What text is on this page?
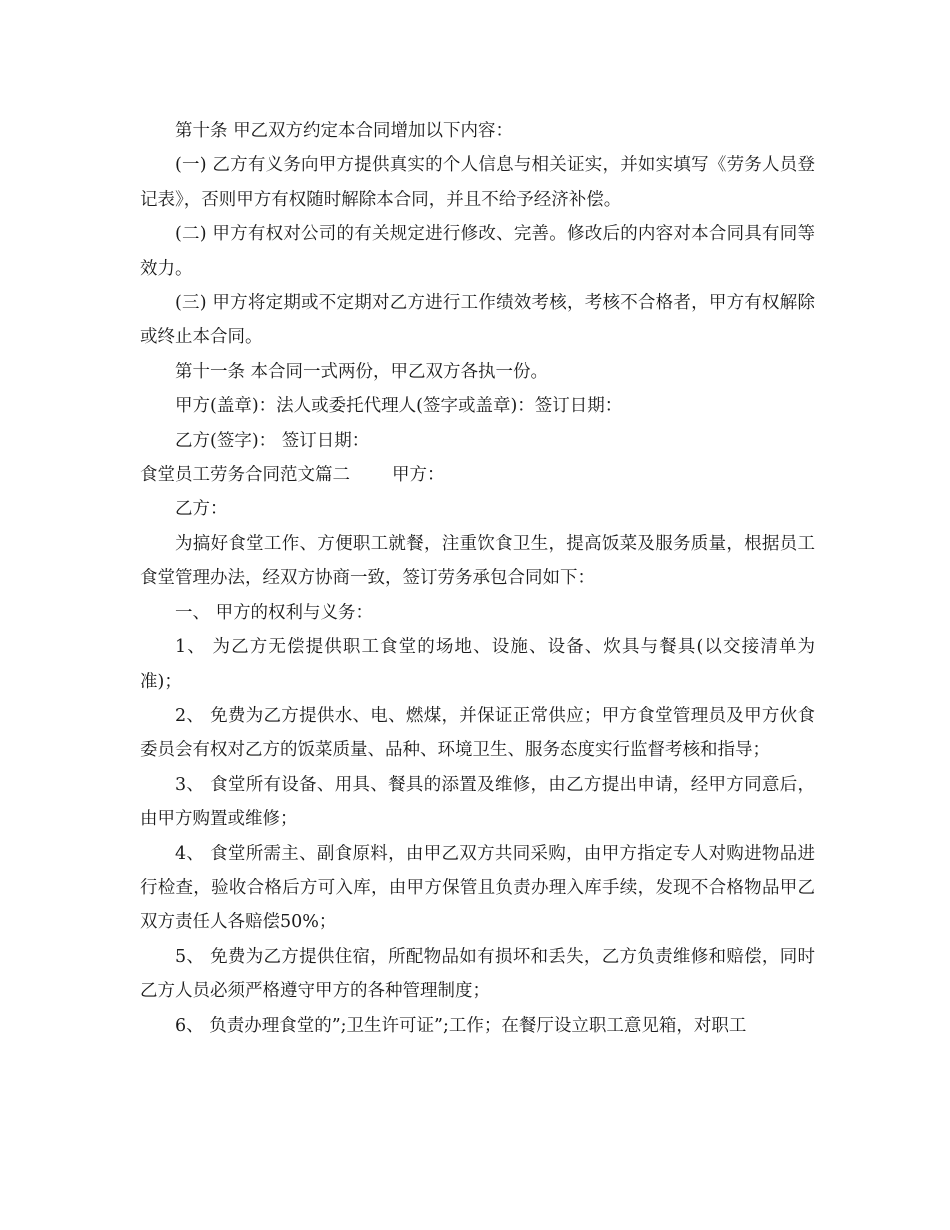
第十条 甲乙双方约定本合同增加以下内容：

(一) 乙方有义务向甲方提供真实的个人信息与相关证实，并如实填写《劳务人员登记表》，否则甲方有权随时解除本合同，并且不给予经济补偿。

(二) 甲方有权对公司的有关规定进行修改、完善。修改后的内容对本合同具有同等效力。

(三) 甲方将定期或不定期对乙方进行工作绩效考核，考核不合格者，甲方有权解除或终止本合同。

第十一条 本合同一式两份，甲乙双方各执一份。

甲方(盖章)：法人或委托代理人(签字或盖章)：签订日期：

乙方(签字)： 签订日期：

食堂员工劳务合同范文篇二 甲方：

乙方：

为搞好食堂工作、方便职工就餐，注重饮食卫生，提高饭菜及服务质量，根据员工食堂管理办法，经双方协商一致，签订劳务承包合同如下：

一、 甲方的权利与义务：

1、 为乙方无偿提供职工食堂的场地、设施、设备、炊具与餐具(以交接清单为准)；

2、 免费为乙方提供水、电、燃煤，并保证正常供应；甲方食堂管理员及甲方伙食委员会有权对乙方的饭菜质量、品种、环境卫生、服务态度实行监督考核和指导；

3、 食堂所有设备、用具、餐具的添置及维修，由乙方提出申请，经甲方同意后，由甲方购置或维修；

4、 食堂所需主、副食原料，由甲乙双方共同采购，由甲方指定专人对购进物品进行检查，验收合格后方可入库，由甲方保管且负责办理入库手续，发现不合格物品甲乙双方责任人各赔偿50%；

5、 免费为乙方提供住宿，所配物品如有损坏和丢失，乙方负责维修和赔偿，同时乙方人员必须严格遵守甲方的各种管理制度；

6、 负责办理食堂的”;卫生许可证”;工作；在餐厅设立职工意见箱，对职工
